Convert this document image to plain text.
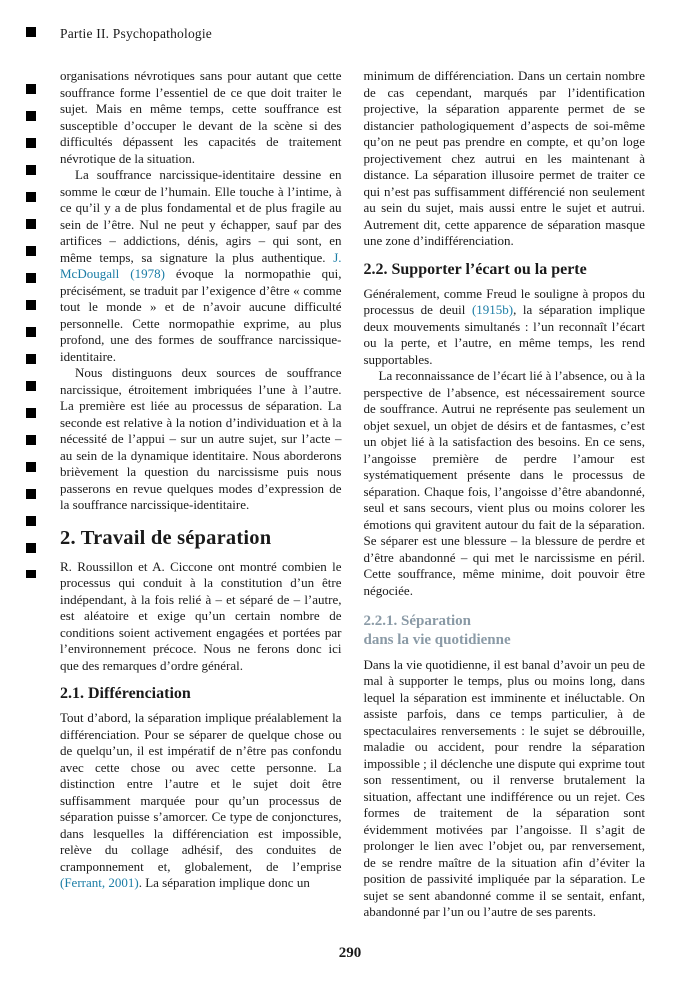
Partie II. Psychopathologie

organisations névrotiques sans pour autant que cette souffrance forme l’essentiel de ce que doit traiter le sujet. Mais en même temps, cette souffrance est susceptible d’occuper le devant de la scène si des difficultés dépassent les capacités de traitement névrotique de la situation.

La souffrance narcissique-identitaire dessine en somme le cœur de l’humain. Elle touche à l’intime, à ce qu’il y a de plus fondamental et de plus fragile au sein de l’être. Nul ne peut y échapper, sauf par des artifices – addictions, dénis, agirs – qui sont, en même temps, sa signature la plus authentique. J. McDougall (1978) évoque la normopathie qui, précisément, se traduit par l’exigence d’être « comme tout le monde » et de n’avoir aucune difficulté personnelle. Cette normopathie exprime, au plus profond, une des formes de souffrance narcissique-identitaire.

Nous distinguons deux sources de souffrance narcissique, étroitement imbriquées l’une à l’autre. La première est liée au processus de séparation. La seconde est relative à la notion d’individuation et à la nécessité de l’appui – sur un autre sujet, sur l’acte – au sein de la dynamique identitaire. Nous aborderons brièvement la question du narcissisme puis nous passerons en revue quelques modes d’expression de la souffrance narcissique-identitaire.

2. Travail de séparation

R. Roussillon et A. Ciccone ont montré combien le processus qui conduit à la constitution d’un être indépendant, à la fois relié à – et séparé de – l’autre, est aléatoire et exige qu’un certain nombre de conditions soient activement engagées et portées par l’environnement précoce. Nous ne ferons donc ici que des remarques d’ordre général.

2.1. Différenciation

Tout d’abord, la séparation implique préalablement la différenciation. Pour se séparer de quelque chose ou de quelqu’un, il est impératif de n’être pas confondu avec cette chose ou avec cette personne. La distinction entre l’autre et le sujet doit être suffisamment marquée pour qu’un processus de séparation puisse s’amorcer. Ce type de conjonctures, dans lesquelles la différenciation est impossible, relève du collage adhésif, des conduites de cramponnement et, globalement, de l’emprise (Ferrant, 2001). La séparation implique donc un

minimum de différenciation. Dans un certain nombre de cas cependant, marqués par l’identification projective, la séparation apparente permet de se distancier pathologiquement d’aspects de soi-même qu’on ne peut pas prendre en compte, et qu’on loge projectivement chez autrui en les maintenant à distance. La séparation illusoire permet de traiter ce qui n’est pas suffisamment différencié non seulement au sein du sujet, mais aussi entre le sujet et autrui. Autrement dit, cette apparence de séparation masque une zone d’indifférenciation.

2.2. Supporter l’écart ou la perte

Généralement, comme Freud le souligne à propos du processus de deuil (1915b), la séparation implique deux mouvements simultanés : l’un reconnaît l’écart ou la perte, et l’autre, en même temps, les rend supportables.

La reconnaissance de l’écart lié à l’absence, ou à la perspective de l’absence, est nécessairement source de souffrance. Autrui ne représente pas seulement un objet sexuel, un objet de désirs et de fantasmes, c’est un objet lié à la satisfaction des besoins. En ce sens, l’angoisse première de perdre l’amour est systématiquement présente dans le processus de séparation. Chaque fois, l’angoisse d’être abandonné, seul et sans secours, vient plus ou moins colorer les émotions qui gravitent autour du fait de la séparation. Se séparer est une blessure – la blessure de perdre et d’être abandonné – qui met le narcissisme en péril. Cette souffrance, même minime, doit pouvoir être négociée.

2.2.1. Séparation
dans la vie quotidienne

Dans la vie quotidienne, il est banal d’avoir un peu de mal à supporter le temps, plus ou moins long, dans lequel la séparation est imminente et inéluctable. On assiste parfois, dans ce temps particulier, à de spectaculaires renversements : le sujet se débrouille, maladie ou accident, pour rendre la séparation impossible ; il déclenche une dispute qui exprime tout son ressentiment, ou il renverse brutalement la situation, affectant une indifférence ou un rejet. Ces formes de traitement de la séparation sont évidemment motivées par l’angoisse. Il s’agit de prolonger le lien avec l’objet ou, par renversement, de se rendre maître de la situation afin d’éviter la position de passivité impliquée par la séparation. Le sujet se sent abandonné comme il se sentait, enfant, abandonné par l’un ou l’autre de ses parents.

290
